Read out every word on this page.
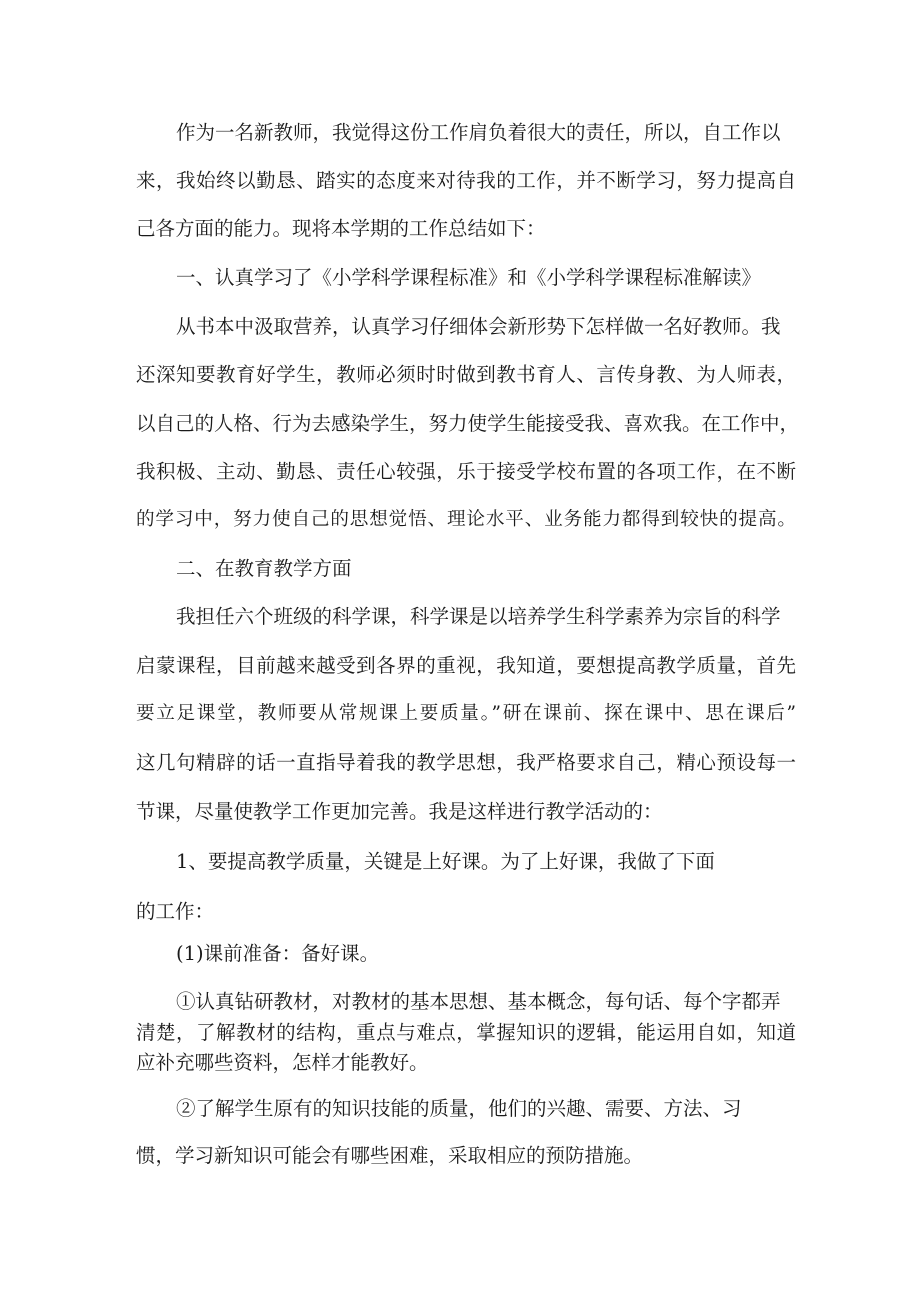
作为一名新教师，我觉得这份工作肩负着很大的责任，所以，自工作以
来，我始终以勤恳、踏实的态度来对待我的工作，并不断学习，努力提高自
己各方面的能力。现将本学期的工作总结如下：
一、认真学习了《小学科学课程标准》和《小学科学课程标准解读》
从书本中汲取营养，认真学习仔细体会新形势下怎样做一名好教师。我
还深知要教育好学生，教师必须时时做到教书育人、言传身教、为人师表，
以自己的人格、行为去感染学生，努力使学生能接受我、喜欢我。在工作中，
我积极、主动、勤恳、责任心较强，乐于接受学校布置的各项工作，在不断
的学习中，努力使自己的思想觉悟、理论水平、业务能力都得到较快的提高。
二、在教育教学方面
我担任六个班级的科学课，科学课是以培养学生科学素养为宗旨的科学
启蒙课程，目前越来越受到各界的重视，我知道，要想提高教学质量，首先
要立足课堂，教师要从常规课上要质量。”研在课前、探在课中、思在课后”
这几句精辟的话一直指导着我的教学思想，我严格要求自己，精心预设每一
节课，尽量使教学工作更加完善。我是这样进行教学活动的：
1、要提高教学质量，关键是上好课。为了上好课，我做了下面
的工作：
(1)课前准备：备好课。
①认真钻研教材，对教材的基本思想、基本概念，每句话、每个字都弄
清楚，了解教材的结构，重点与难点，掌握知识的逻辑，能运用自如，知道
应补充哪些资料，怎样才能教好。
②了解学生原有的知识技能的质量，他们的兴趣、需要、方法、习
惯，学习新知识可能会有哪些困难，采取相应的预防措施。
